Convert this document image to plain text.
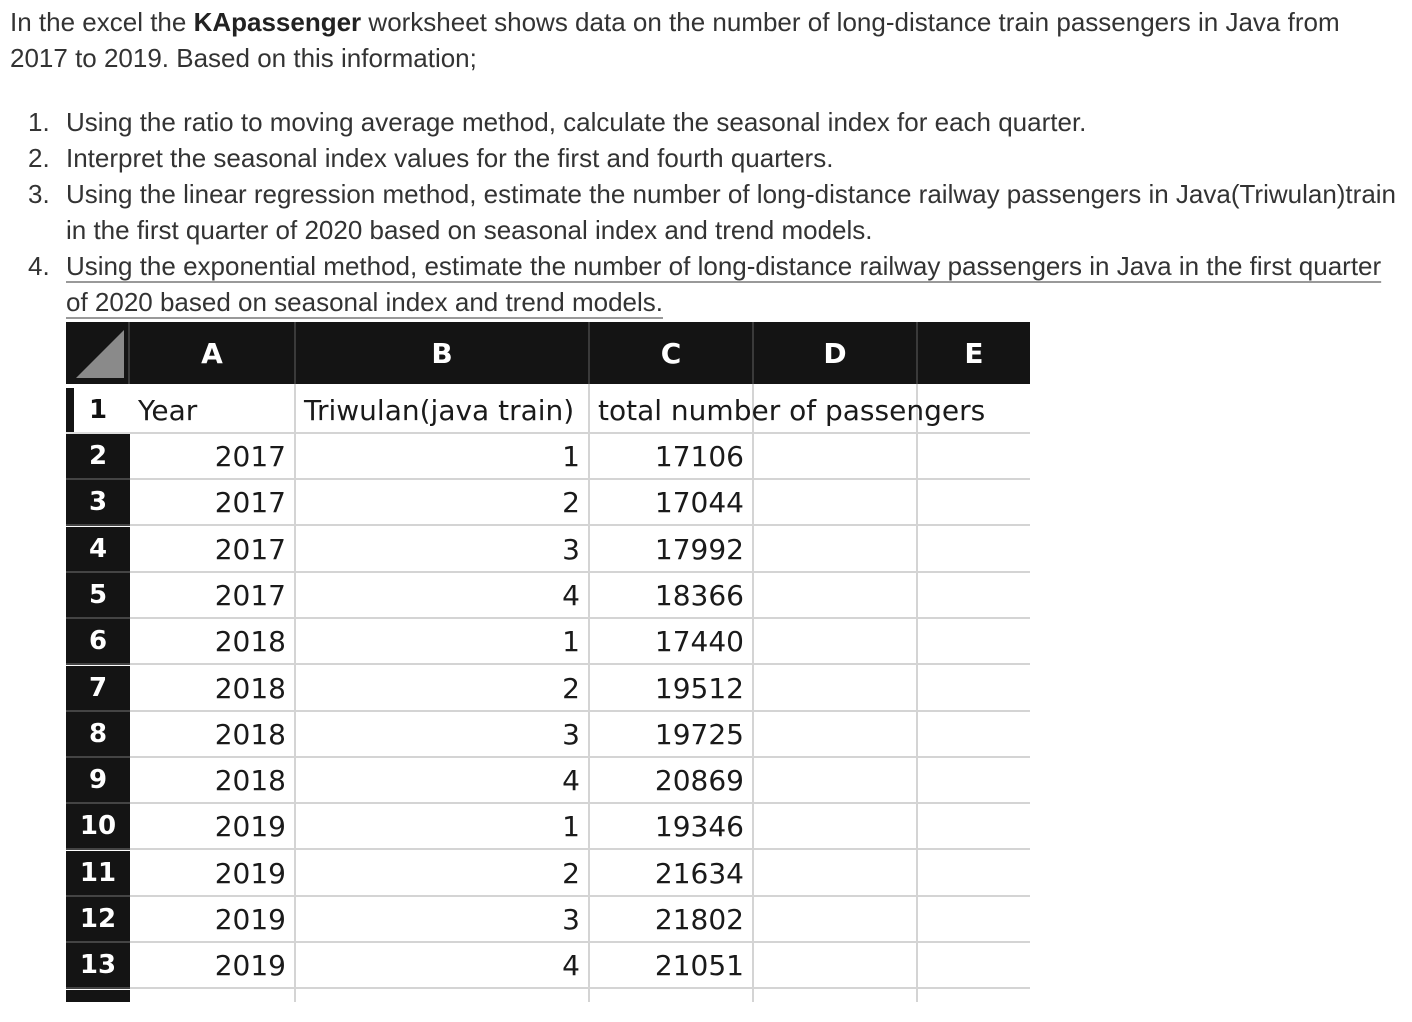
In the excel the KApassenger worksheet shows data on the number of long-distance train passengers in Java from 2017 to 2019. Based on this information;

1. Using the ratio to moving average method, calculate the seasonal index for each quarter.
2. Interpret the seasonal index values for the first and fourth quarters.
3. Using the linear regression method, estimate the number of long-distance railway passengers in Java(Triwulan)train in the first quarter of 2020 based on seasonal index and trend models.
4. Using the exponential method, estimate the number of long-distance railway passengers in Java in the first quarter of 2020 based on seasonal index and trend models.
A	B	C	D	E
1 Year	Triwulan(java train) total number of passengers
2	2017	1	17106
3	2017	2	17044
4	2017	3	17992
5	2017	4	18366
6	2018	1	17440
7	2018	2	19512
8	2018	3	19725
9	2018	4	20869
10	2019	1	19346
11	2019	2	21634
12	2019	3	21802
13	2019	4	21051
